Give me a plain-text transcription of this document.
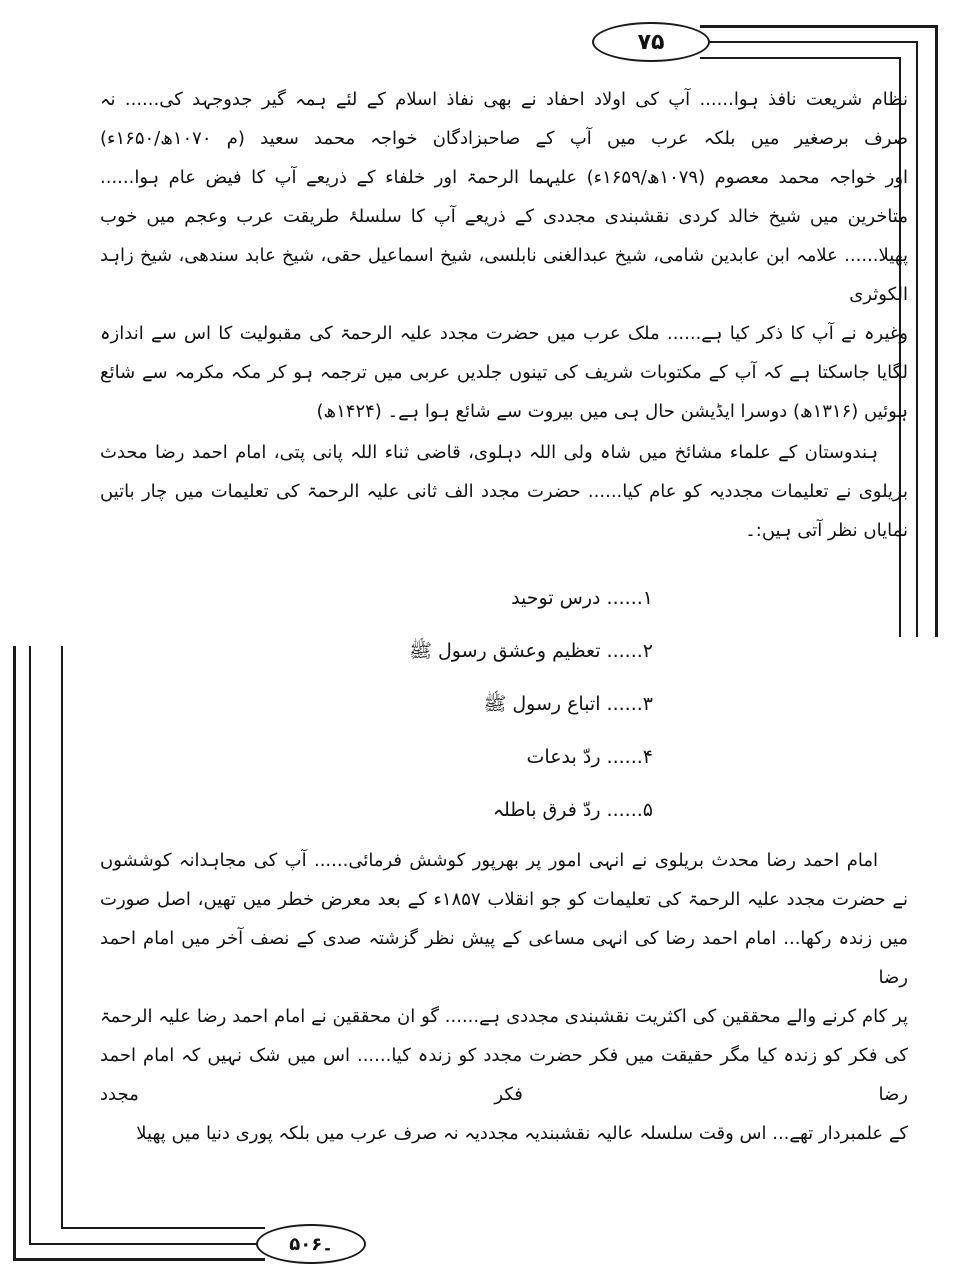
۷۵
۵۰۶۔
نظام شریعت نافذ ہوا...... آپ کی اولاد احفاد نے بھی نفاذ اسلام کے لئے ہمہ گیر جدوجہد کی...... نہ
صرف برصغیر میں بلکہ عرب میں آپ کے صاحبزادگان خواجہ محمد سعید (م ۱۰۷۰ھ/۱۶۵۰ء)
اور خواجہ محمد معصوم (۱۰۷۹ھ/۱۶۵۹ء) علیہما الرحمۃ اور خلفاء کے ذریعے آپ کا فیض عام ہوا......
متاخرین میں شیخ خالد کردی نقشبندی مجددی کے ذریعے آپ کا سلسلۂ طریقت عرب وعجم میں خوب
پھیلا...... علامہ ابن عابدین شامی، شیخ عبدالغنی نابلسی، شیخ اسماعیل حقی، شیخ عابد سندھی، شیخ زاہد الکوثری
وغیرہ نے آپ کا ذکر کیا ہے...... ملک عرب میں حضرت مجدد علیہ الرحمۃ کی مقبولیت کا اس سے اندازہ
لگایا جاسکتا ہے کہ آپ کے مکتوبات شریف کی تینوں جلدیں عربی میں ترجمہ ہو کر مکہ مکرمہ سے شائع
ہوئیں (۱۳۱۶ھ) دوسرا ایڈیشن حال ہی میں بیروت سے شائع ہوا ہے۔ (۱۴۲۴ھ)
ہندوستان کے علماء مشائخ میں شاہ ولی اللہ دہلوی، قاضی ثناء اللہ پانی پتی، امام احمد رضا محدث
بریلوی نے تعلیمات مجددیہ کو عام کیا...... حضرت مجدد الف ثانی علیہ الرحمۃ کی تعلیمات میں چار باتیں
نمایاں نظر آتی ہیں:۔
۱...... درس توحید
۲...... تعظیم وعشق رسول ﷺ
۳...... اتباع رسول ﷺ
۴...... ردّ بدعات
۵...... ردّ فرق باطلہ
امام احمد رضا محدث بریلوی نے انہی امور پر بھرپور کوشش فرمائی...... آپ کی مجاہدانہ کوششوں
نے حضرت مجدد علیہ الرحمۃ کی تعلیمات کو جو انقلاب ۱۸۵۷ء کے بعد معرض خطر میں تھیں، اصل صورت
میں زندہ رکھا... امام احمد رضا کی انہی مساعی کے پیش نظر گزشتہ صدی کے نصف آخر میں امام احمد رضا
پر کام کرنے والے محققین کی اکثریت نقشبندی مجددی ہے...... گو ان محققین نے امام احمد رضا علیہ الرحمۃ
کی فکر کو زندہ کیا مگر حقیقت میں فکر حضرت مجدد کو زندہ کیا...... اس میں شک نہیں کہ امام احمد رضا فکر مجدد
کے علمبردار تھے... اس وقت سلسلہ عالیہ نقشبندیہ مجددیہ نہ صرف عرب میں بلکہ پوری دنیا میں پھیلا
